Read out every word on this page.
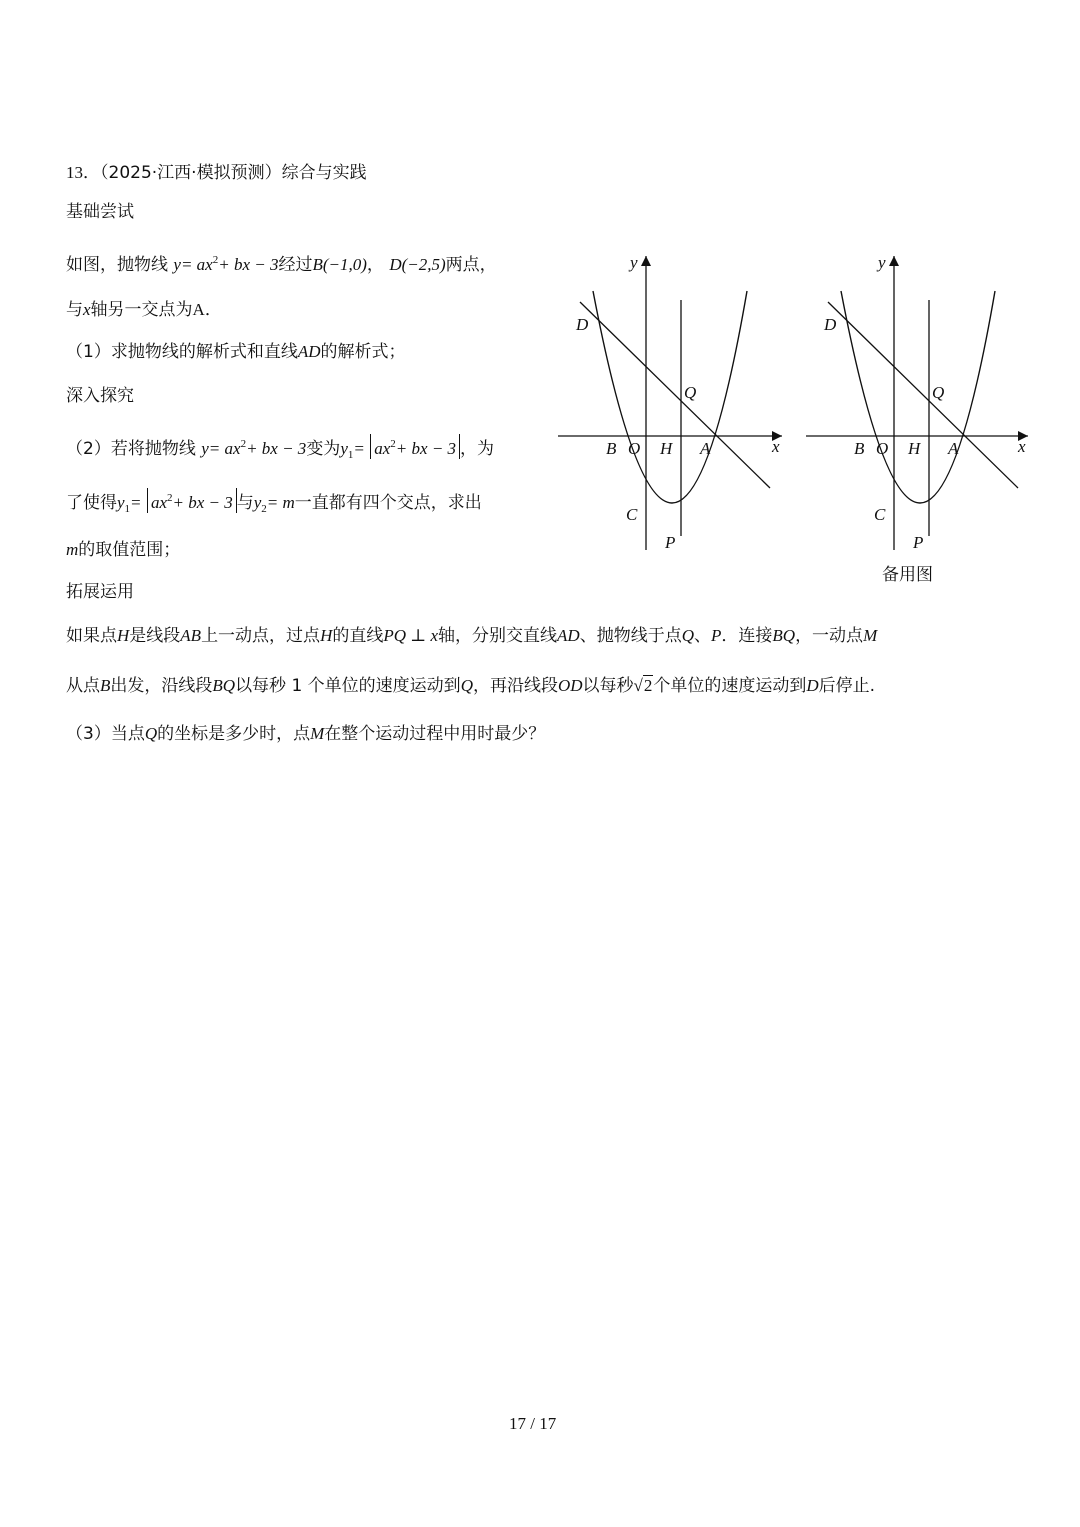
13．（2025·江西·模拟预测）综合与实践
基础尝试
如图，抛物线 $y= ax^2+$ bx − 3经过B(−1,0)， D(−2,5)两点，
与x轴另一交点为A．
（1）求抛物线的解析式和直线AD的解析式；
深入探究
（2）若将抛物线 $y= ax^2+$ bx − 3变为$y_1= ax^2+$ bx − 3 ，为
了使得$y_1= ax^2+$ bx − 3 与$y_2= m$一直都有四个交点，求出
m的取值范围；
拓展运用
如果点H是线段AB上一动点，过点H的直线PQ ⊥ x轴，分别交直线AD、抛物线于点Q、P．连接BQ，一动点M
从点B出发，沿线段BQ以每秒 1 个单位的速度运动到Q，再沿线段OD以每秒√2个单位的速度运动到D后停止.
（3）当点Q的坐标是多少时，点M在整个运动过程中用时最少？
D
y
Q
B O H A	x
C
P
D
y
Q
B O H A	x
C
P
备用图
17 / 17
